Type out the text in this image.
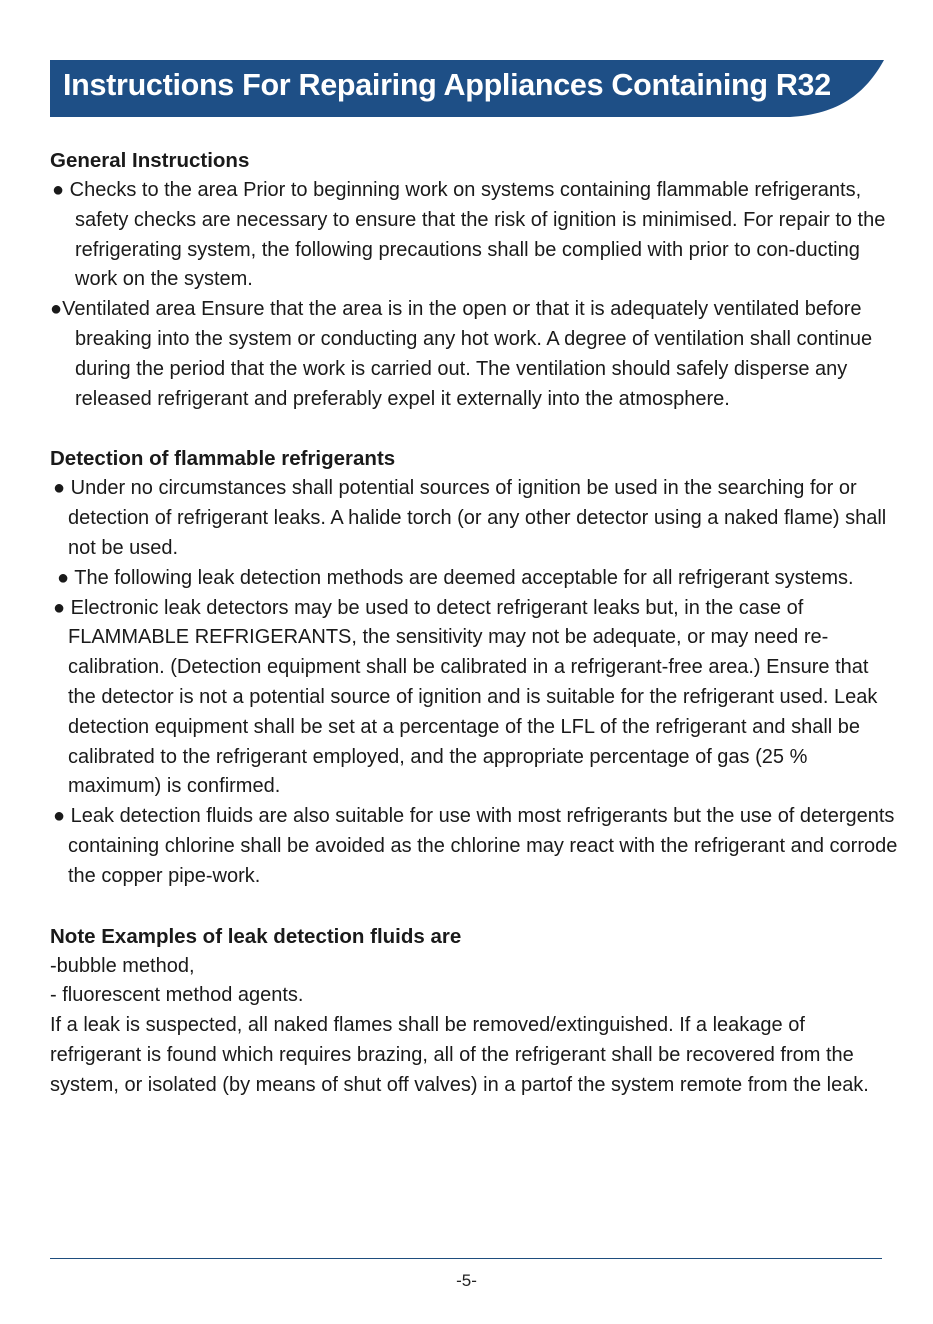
Instructions For Repairing Appliances Containing R32
General Instructions

● Checks to the area Prior to beginning work on systems containing flammable refrigerants, safety checks are necessary to ensure that the risk of ignition is minimised. For repair to the refrigerating system, the following precautions shall be complied with prior to con-ducting work on the system.

●Ventilated area Ensure that the area is in the open or that it is adequately ventilated before breaking into the system or conducting any hot work. A degree of ventilation shall continue during the period that the work is carried out. The ventilation should safely disperse any released refrigerant and preferably expel it externally into the atmosphere.

Detection of flammable refrigerants

● Under no circumstances shall potential sources of ignition be used in the searching for or detection of refrigerant leaks. A halide torch (or any other detector using a naked flame) shall not be used.

● The following leak detection methods are deemed acceptable for all refrigerant systems.

● Electronic leak detectors may be used to detect refrigerant leaks but, in the case of FLAMMABLE REFRIGERANTS, the sensitivity may not be adequate, or may need re-calibration. (Detection equipment shall be calibrated in a refrigerant-free area.) Ensure that the detector is not a potential source of ignition and is suitable for the refrigerant used. Leak detection equipment shall be set at a percentage of the LFL of the refrigerant and shall be calibrated to the refrigerant employed, and the appropriate percentage of gas (25 % maximum) is confirmed.

● Leak detection fluids are also suitable for use with most refrigerants but the use of detergents containing chlorine shall be avoided as the chlorine may react with the refrigerant and corrode the copper pipe-work.

Note Examples of leak detection fluids are

-bubble method,

- fluorescent method agents.

If a leak is suspected, all naked flames shall be removed/extinguished. If a leakage of refrigerant is found which requires brazing, all of the refrigerant shall be recovered from the system, or isolated (by means of shut off valves) in a partof the system remote from the leak.

-5-
